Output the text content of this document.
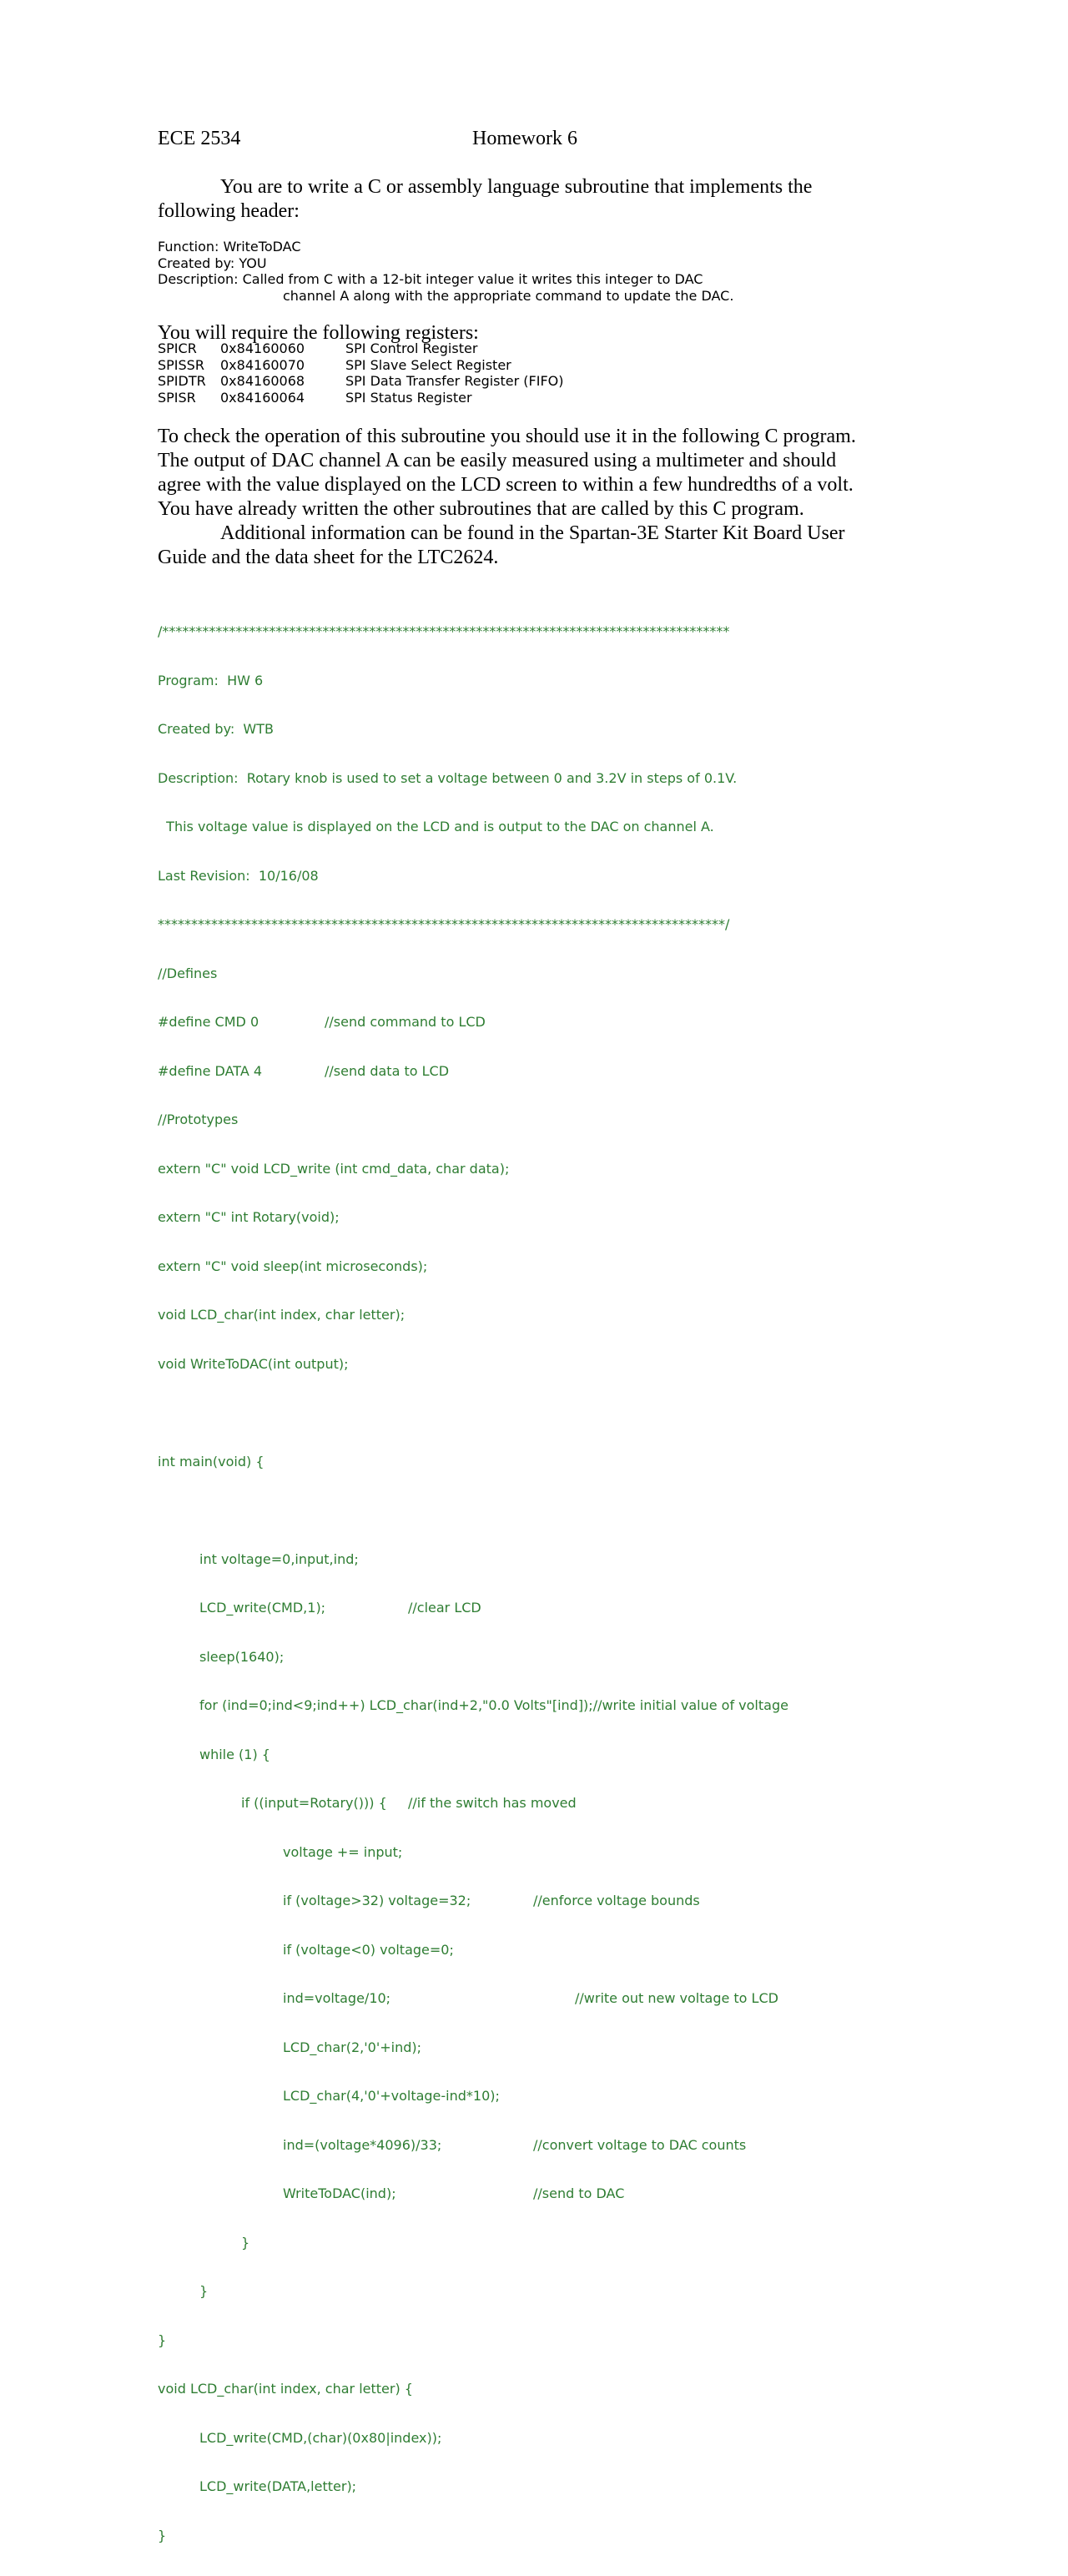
ECE 2534	Homework 6
You are to write a C or assembly language subroutine that implements the
following header:
Function: WriteToDAC
Created by: YOU
Description: Called from C with a 12-bit integer value it writes this integer to DAC
channel A along with the appropriate command to update the DAC.
You will require the following registers:
SPICR	0x84160060	SPI Control Register
SPISSR	0x84160070	SPI Slave Select Register
SPIDTR	0x84160068	SPI Data Transfer Register (FIFO)
SPISR	0x84160064	SPI Status Register
To check the operation of this subroutine you should use it in the following C program.
The output of DAC channel A can be easily measured using a multimeter and should
agree with the value displayed on the LCD screen to within a few hundredths of a volt.
You have already written the other subroutines that are called by this C program.
Additional information can be found in the Spartan-3E Starter Kit Board User
Guide and the data sheet for the LTC2624.

/*************************************************************************************

Program:  HW 6

Created by:  WTB

Description:  Rotary knob is used to set a voltage between 0 and 3.2V in steps of 0.1V.

This voltage value is displayed on the LCD and is output to the DAC on channel A.

Last Revision:  10/16/08

*************************************************************************************/

//Defines

#define CMD 0	//send command to LCD

#define DATA 4	//send data to LCD

//Prototypes

extern "C" void LCD_write (int cmd_data, char data);

extern "C" int Rotary(void);

extern "C" void sleep(int microseconds);

void LCD_char(int index, char letter);

void WriteToDAC(int output);

int main(void) {

int voltage=0,input,ind;

LCD_write(CMD,1);	//clear LCD

sleep(1640);

for (ind=0;ind<9;ind++) LCD_char(ind+2,"0.0 Volts"[ind]);//write initial value of voltage

while (1) {

if ((input=Rotary())) { //if the switch has moved

voltage += input;

if (voltage>32) voltage=32;	//enforce voltage bounds

if (voltage<0) voltage=0;

ind=voltage/10;	//write out new voltage to LCD

LCD_char(2,'0'+ind);

LCD_char(4,'0'+voltage-ind*10);

ind=(voltage*4096)/33;	//convert voltage to DAC counts

WriteToDAC(ind);	//send to DAC

}

}

}

void LCD_char(int index, char letter) {

LCD_write(CMD,(char)(0x80|index));

LCD_write(DATA,letter);

}
